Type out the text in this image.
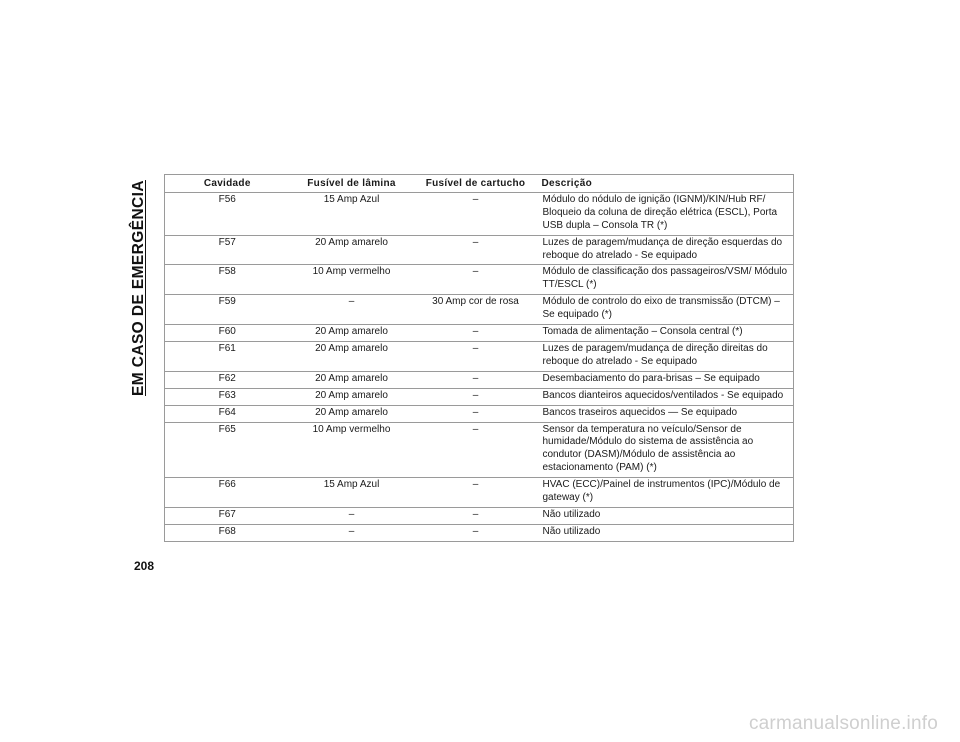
EM CASO DE EMERGÊNCIA	Cavidade	Fusível de lâmina	Fusível de cartucho	Descrição
F56	15 Amp Azul	–	Módulo do nódulo de ignição (IGNM)/KIN/Hub RF/ Bloqueio da coluna de direção elétrica (ESCL), Porta USB dupla – Consola TR (*)
F57	20 Amp amarelo	–	Luzes de paragem/mudança de direção esquerdas do reboque do atrelado - Se equipado
F58	10 Amp vermelho	–	Módulo de classificação dos passageiros/VSM/ Módulo TT/ESCL (*)
F59	–	30 Amp cor de rosa	Módulo de controlo do eixo de transmissão (DTCM) – Se equipado (*)
F60	20 Amp amarelo	–	Tomada de alimentação – Consola central (*)
F61	20 Amp amarelo	–	Luzes de paragem/mudança de direção direitas do reboque do atrelado - Se equipado
F62	20 Amp amarelo	–	Desembaciamento do para-brisas – Se equipado
F63	20 Amp amarelo	–	Bancos dianteiros aquecidos/ventilados - Se equipado
F64	20 Amp amarelo	–	Bancos traseiros aquecidos — Se equipado
F65	10 Amp vermelho	–	Sensor da temperatura no veículo/Sensor de humidade/Módulo do sistema de assistência ao condutor (DASM)/Módulo de assistência ao estacionamento (PAM) (*)
F66	15 Amp Azul	–	HVAC (ECC)/Painel de instrumentos (IPC)/Módulo de gateway (*)
F67	–	–	Não utilizado
F68	–	–	Não utilizado
208
carmanualsonline.info
